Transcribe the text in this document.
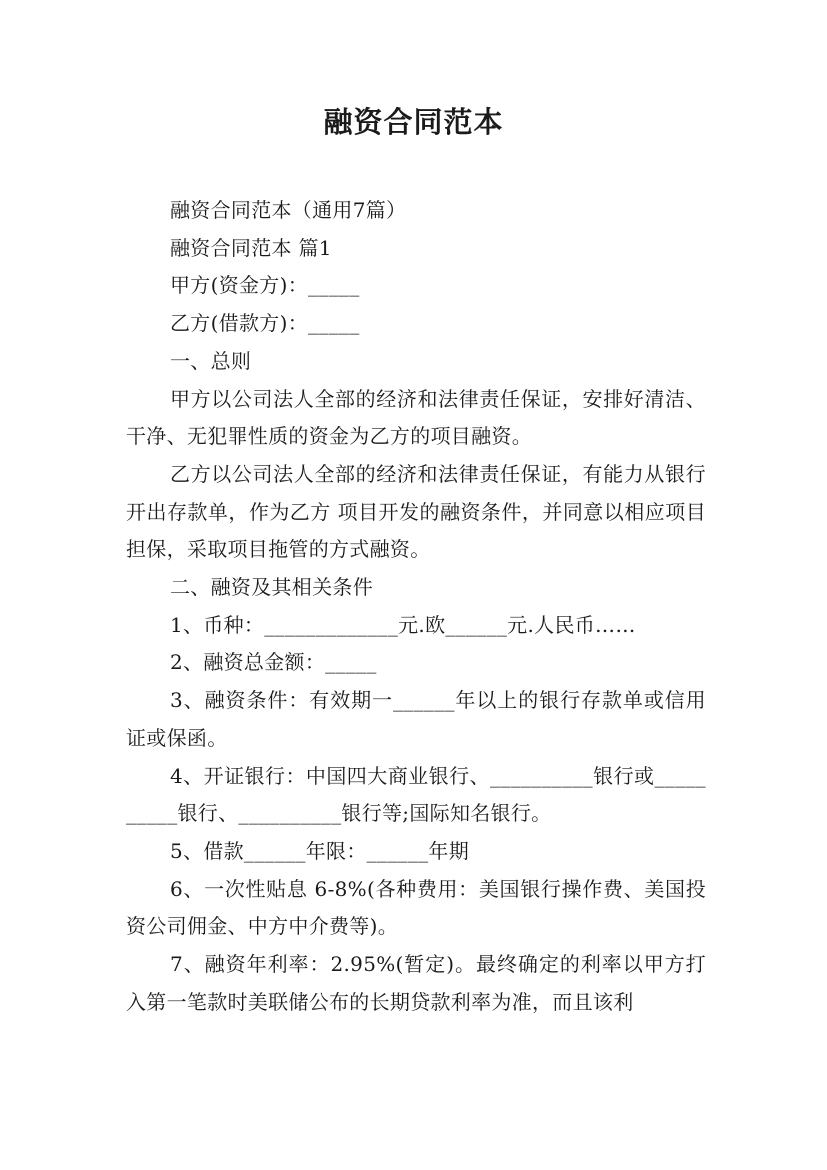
融资合同范本

融资合同范本（通用7篇）

融资合同范本 篇1

甲方(资金方)：_____

乙方(借款方)：_____

一、总则

甲方以公司法人全部的经济和法律责任保证，安排好清洁、干净、无犯罪性质的资金为乙方的项目融资。

乙方以公司法人全部的经济和法律责任保证，有能力从银行开出存款单，作为乙方 项目开发的融资条件，并同意以相应项目担保，采取项目拖管的方式融资。

二、融资及其相关条件

1、币种：_____________元.欧______元.人民币……

2、融资总金额：_____

3、融资条件：有效期一______年以上的银行存款单或信用证或保函。

4、开证银行：中国四大商业银行、__________银行或__________银行、__________银行等;国际知名银行。

5、借款______年限：______年期

6、一次性贴息 6-8%(各种费用：美国银行操作费、美国投资公司佣金、中方中介费等)。

7、融资年利率：2.95%(暂定)。最终确定的利率以甲方打入第一笔款时美联储公布的长期贷款利率为准，而且该利
